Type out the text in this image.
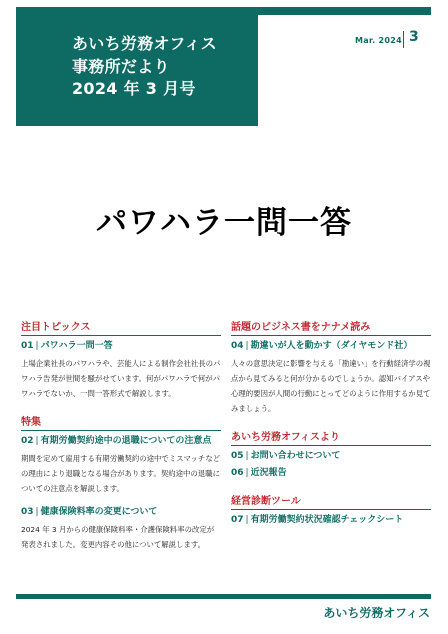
あいち労務オフィス
事務所だより
2024 年 3 月号
Mar. 2024 3
パワハラ一問一答
注目トピックス
01 | パワハラ一問一答
上場企業社長のパワハラや、芸能人による制作会社社長のパワハラ告発が世間を騒がせています。何がパワハラで何がパワハラでないか、一問一答形式で解説します。
特集
02 | 有期労働契約途中の退職についての注意点
期間を定めて雇用する有期労働契約の途中でミスマッチなどの理由により退職となる場合があります。契約途中の退職についての注意点を解説します。
03 | 健康保険料率の変更について
2024 年 3 月からの健康保険料率・介護保険料率の改定が発表されました。変更内容その他について解説します。
話題のビジネス書をナナメ読み
04 | 勘違いが人を動かす（ダイヤモンド社）
人々の意思決定に影響を与える「勘違い」を行動経済学の視点から見てみると何が分かるのでしょうか。認知バイアスや心理的要因が人間の行動にとってどのように作用するか見てみましょう。
あいち労務オフィスより
05 | お問い合わせについて
06 | 近況報告
経営診断ツール
07 | 有期労働契約状況確認チェックシート
あいち労務オフィス
